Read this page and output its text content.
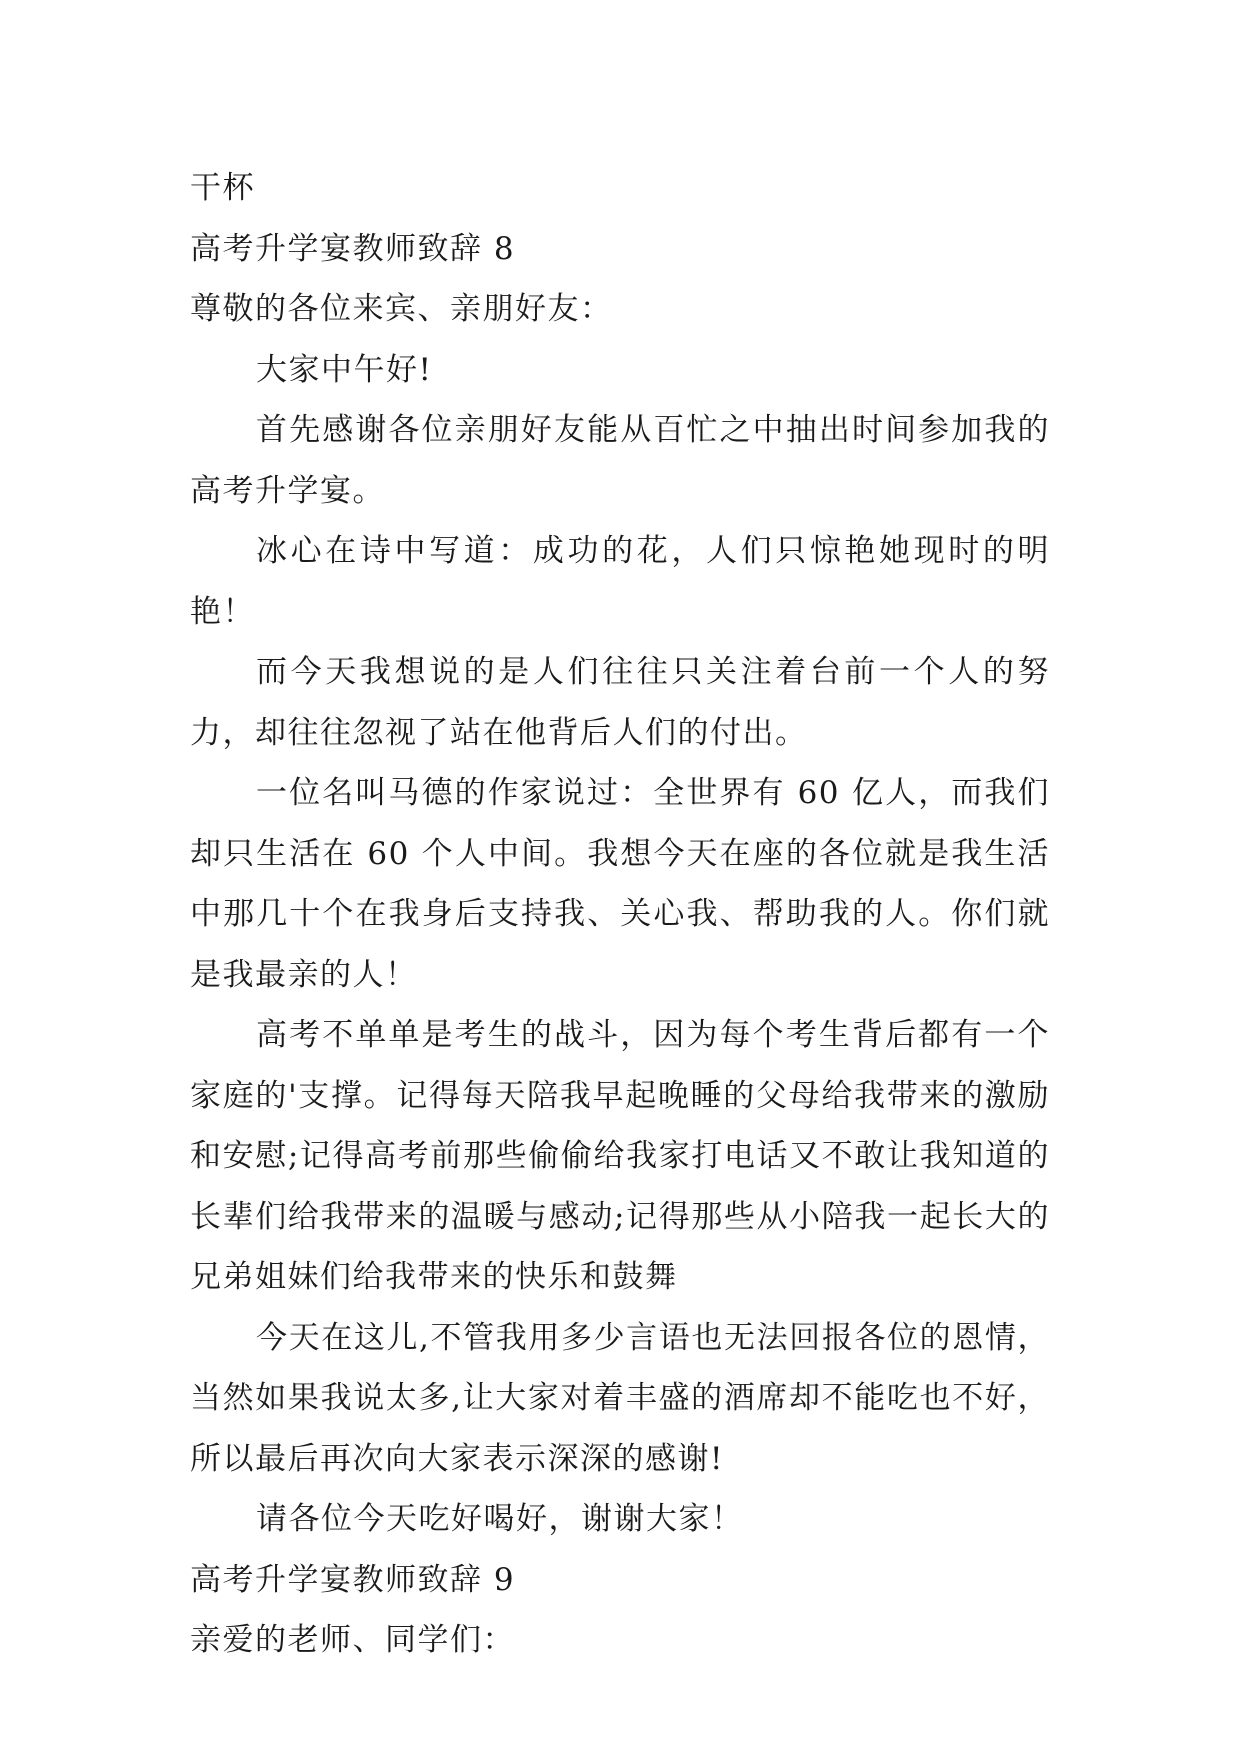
干杯
高考升学宴教师致辞 8
尊敬的各位来宾、亲朋好友：
大家中午好!
首先感谢各位亲朋好友能从百忙之中抽出时间参加我的高考升学宴。
冰心在诗中写道：成功的花，人们只惊艳她现时的明艳！
而今天我想说的是人们往往只关注着台前一个人的努力，却往往忽视了站在他背后人们的付出。
一位名叫马德的作家说过：全世界有 60 亿人，而我们却只生活在 60 个人中间。我想今天在座的各位就是我生活中那几十个在我身后支持我、关心我、帮助我的人。你们就是我最亲的人！
高考不单单是考生的战斗，因为每个考生背后都有一个家庭的'支撑。记得每天陪我早起晚睡的父母给我带来的激励和安慰;记得高考前那些偷偷给我家打电话又不敢让我知道的长辈们给我带来的温暖与感动;记得那些从小陪我一起长大的兄弟姐妹们给我带来的快乐和鼓舞
今天在这儿,不管我用多少言语也无法回报各位的恩情，当然如果我说太多,让大家对着丰盛的酒席却不能吃也不好，所以最后再次向大家表示深深的感谢!
请各位今天吃好喝好，谢谢大家！
高考升学宴教师致辞 9
亲爱的老师、同学们：
